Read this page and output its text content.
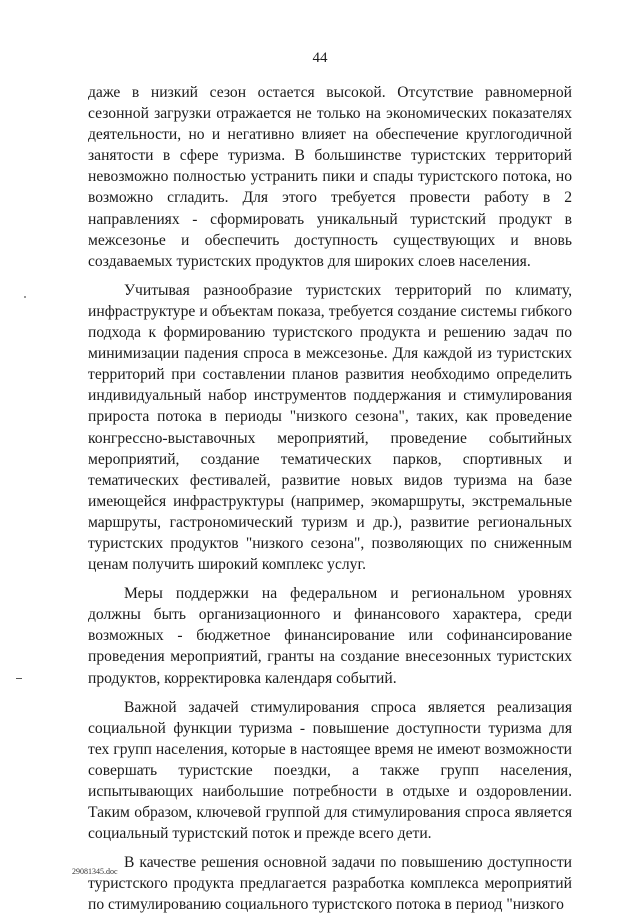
44

даже в низкий сезон остается высокой. Отсутствие равномерной сезонной загрузки отражается не только на экономических показателях деятельности, но и негативно влияет на обеспечение круглогодичной занятости в сфере туризма. В большинстве туристских территорий невозможно полностью устранить пики и спады туристского потока, но возможно сгладить. Для этого требуется провести работу в 2 направлениях - сформировать уникальный туристский продукт в межсезонье и обеспечить доступность существующих и вновь создаваемых туристских продуктов для широких слоев населения.

Учитывая разнообразие туристских территорий по климату, инфраструктуре и объектам показа, требуется создание системы гибкого подхода к формированию туристского продукта и решению задач по минимизации падения спроса в межсезонье. Для каждой из туристских территорий при составлении планов развития необходимо определить индивидуальный набор инструментов поддержания и стимулирования прироста потока в периоды "низкого сезона", таких, как проведение конгрессно-выставочных мероприятий, проведение событийных мероприятий, создание тематических парков, спортивных и тематических фестивалей, развитие новых видов туризма на базе имеющейся инфраструктуры (например, экомаршруты, экстремальные маршруты, гастрономический туризм и др.), развитие региональных туристских продуктов "низкого сезона", позволяющих по сниженным ценам получить широкий комплекс услуг.

Меры поддержки на федеральном и региональном уровнях должны быть организационного и финансового характера, среди возможных - бюджетное финансирование или софинансирование проведения мероприятий, гранты на создание внесезонных туристских продуктов, корректировка календаря событий.

Важной задачей стимулирования спроса является реализация социальной функции туризма - повышение доступности туризма для тех групп населения, которые в настоящее время не имеют возможности совершать туристские поездки, а также групп населения, испытывающих наибольшие потребности в отдыхе и оздоровлении. Таким образом, ключевой группой для стимулирования спроса является социальный туристский поток и прежде всего дети.

В качестве решения основной задачи по повышению доступности туристского продукта предлагается разработка комплекса мероприятий по стимулированию социального туристского потока в период "низкого

29081345.doc
